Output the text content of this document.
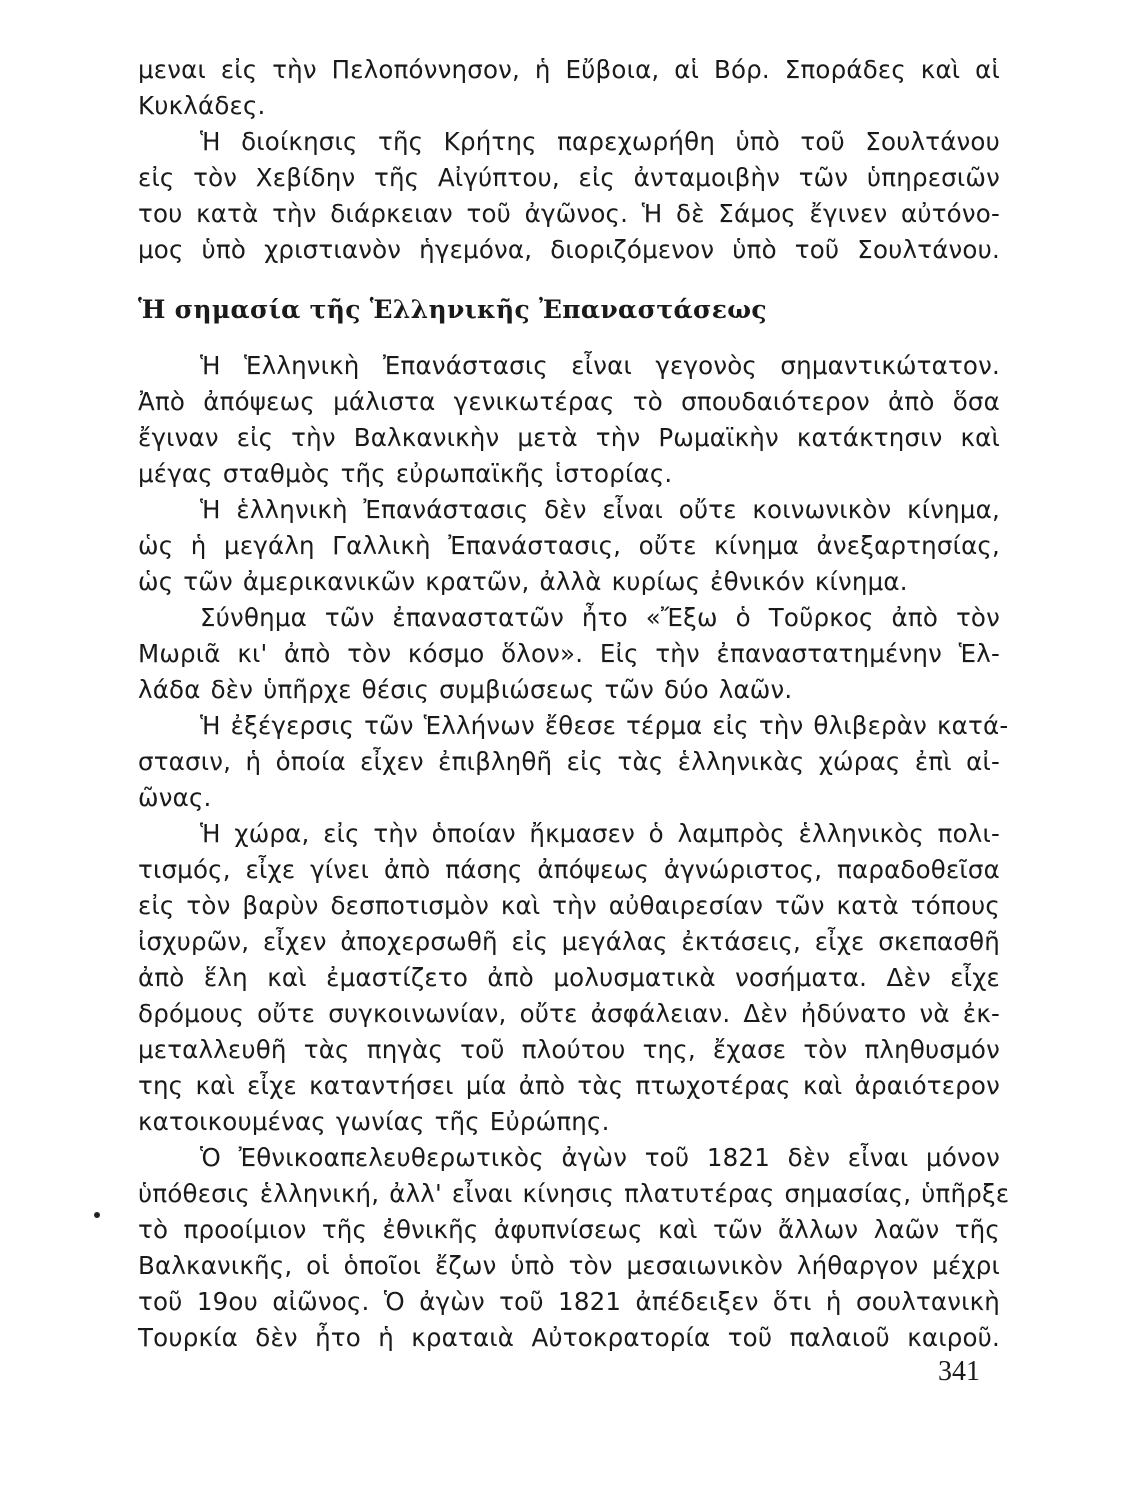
μεναι εἰς τὴν Πελοπόννησον, ἡ Εὔβοια, αἱ Βόρ. Σποράδες καὶ αἱ
Κυκλάδες.
Ἡ διοίκησις τῆς Κρήτης παρεχωρήθη ὑπὸ τοῦ Σουλτάνου
εἰς τὸν Χεβίδην τῆς Αἰγύπτου, εἰς ἀνταμοιβὴν τῶν ὑπηρεσιῶν
του κατὰ τὴν διάρκειαν τοῦ ἀγῶνος. Ἡ δὲ Σάμος ἔγινεν αὐτόνο-
μος ὑπὸ χριστιανὸν ἡγεμόνα, διοριζόμενον ὑπὸ τοῦ Σουλτάνου.
Ἡ σημασία τῆς Ἑλληνικῆς Ἐπαναστάσεως
Ἡ Ἑλληνικὴ Ἐπανάστασις εἶναι γεγονὸς σημαντικώτατον.
Ἀπὸ ἀπόψεως μάλιστα γενικωτέρας τὸ σπουδαιότερον ἀπὸ ὅσα
ἔγιναν εἰς τὴν Βαλκανικὴν μετὰ τὴν Ρωμαϊκὴν κατάκτησιν καὶ
μέγας σταθμὸς τῆς εὐρωπαϊκῆς ἱστορίας.
Ἡ ἑλληνικὴ Ἐπανάστασις δὲν εἶναι οὔτε κοινωνικὸν κίνημα,
ὡς ἡ μεγάλη Γαλλικὴ Ἐπανάστασις, οὔτε κίνημα ἀνεξαρτησίας,
ὡς τῶν ἀμερικανικῶν κρατῶν, ἀλλὰ κυρίως ἐθνικόν κίνημα.
Σύνθημα τῶν ἐπαναστατῶν ἦτο «Ἔξω ὁ Τοῦρκος ἀπὸ τὸν
Μωριᾶ κι' ἀπὸ τὸν κόσμο ὅλον». Εἰς τὴν ἐπαναστατημένην Ἑλ-
λάδα δὲν ὑπῆρχε θέσις συμβιώσεως τῶν δύο λαῶν.
Ἡ ἐξέγερσις τῶν Ἑλλήνων ἔθεσε τέρμα εἰς τὴν θλιβερὰν κατά-
στασιν, ἡ ὁποία εἶχεν ἐπιβληθῆ εἰς τὰς ἑλληνικὰς χώρας ἐπὶ αἰ-
ῶνας.
Ἡ χώρα, εἰς τὴν ὁποίαν ἤκμασεν ὁ λαμπρὸς ἑλληνικὸς πολι-
τισμός, εἶχε γίνει ἀπὸ πάσης ἀπόψεως ἀγνώριστος, παραδοθεῖσα
εἰς τὸν βαρὺν δεσποτισμὸν καὶ τὴν αὐθαιρεσίαν τῶν κατὰ τόπους
ἰσχυρῶν, εἶχεν ἀποχερσωθῆ εἰς μεγάλας ἐκτάσεις, εἶχε σκεπασθῆ
ἀπὸ ἕλη καὶ ἐμαστίζετο ἀπὸ μολυσματικὰ νοσήματα. Δὲν εἶχε
δρόμους οὔτε συγκοινωνίαν, οὔτε ἀσφάλειαν. Δὲν ἠδύνατο νὰ ἐκ-
μεταλλευθῆ τὰς πηγὰς τοῦ πλούτου της, ἔχασε τὸν πληθυσμόν
της καὶ εἶχε καταντήσει μία ἀπὸ τὰς πτωχοτέρας καὶ ἀραιότερον
κατοικουμένας γωνίας τῆς Εὐρώπης.
Ὁ Ἐθνικοαπελευθερωτικὸς ἀγὼν τοῦ 1821 δὲν εἶναι μόνον
ὑπόθεσις ἑλληνική, ἀλλ' εἶναι κίνησις πλατυτέρας σημασίας, ὑπῆρξε
τὸ προοίμιον τῆς ἐθνικῆς ἀφυπνίσεως καὶ τῶν ἄλλων λαῶν τῆς
Βαλκανικῆς, οἱ ὁποῖοι ἔζων ὑπὸ τὸν μεσαιωνικὸν λήθαργον μέχρι
τοῦ 19ου αἰῶνος. Ὁ ἀγὼν τοῦ 1821 ἀπέδειξεν ὅτι ἡ σουλτανικὴ
Τουρκία δὲν ἦτο ἡ κραταιὰ Αὐτοκρατορία τοῦ παλαιοῦ καιροῦ.
341
